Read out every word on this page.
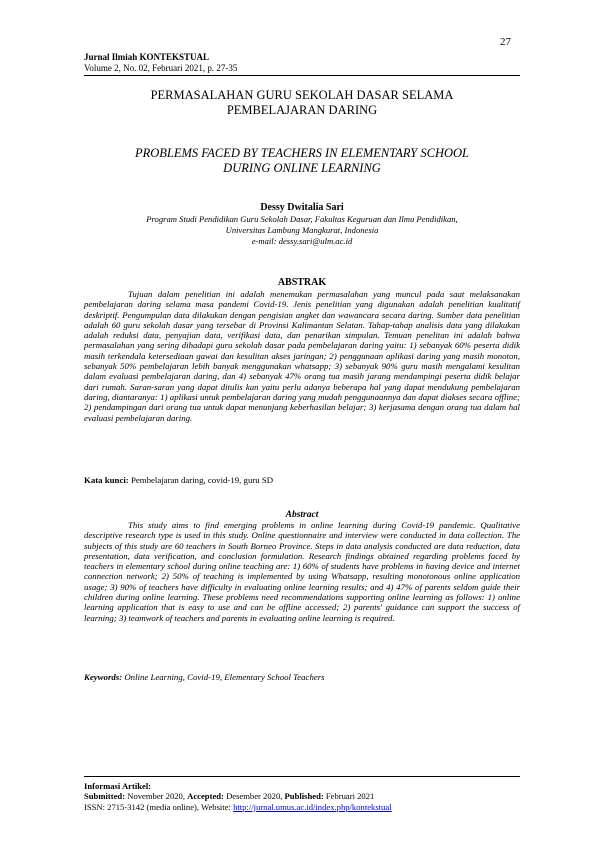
27
Jurnal Ilmiah KONTEKSTUAL
Volume 2, No. 02, Februari 2021, p. 27-35
PERMASALAHAN GURU SEKOLAH DASAR SELAMA
PEMBELAJARAN DARING
PROBLEMS FACED BY TEACHERS IN ELEMENTARY SCHOOL
DURING ONLINE LEARNING
Dessy Dwitalia Sari
Program Studi Pendidikan Guru Sekolah Dasar, Fakultas Keguruan dan Ilmu Pendidikan,
Universitas Lambung Mangkurat, Indonesia
e-mail: dessy.sari@ulm.ac.id
ABSTRAK
Tujuan dalam penelitian ini adalah menemukan permasalahan yang muncul pada saat melaksanakan pembelajaran daring selama masa pandemi Covid-19. Jenis penelitian yang digunakan adalah penelitian kualitatif deskriptif. Pengumpulan data dilakukan dengan pengisian angket dan wawancara secara daring. Sumber data penelitian adalah 60 guru sekolah dasar yang tersebar di Provinsi Kalimantan Selatan. Tahap-tahap analisis data yang dilakukan adalah reduksi data, penyajian data, verifikasi data, dan penarikan simpulan. Temuan penelitan ini adalah bahwa permasalahan yang sering dihadapi guru sekolah dasar pada pembelajaran daring yaitu: 1) sebanyak 60% peserta didik masih terkendala ketersediaan gawai dan kesulitan akses jaringan; 2) penggunaan aplikasi daring yang masih monoton, sebanyak 50% pembelajaran lebih banyak menggunakan whatsapp; 3) sebanyak 90% guru masih mengalami kesulitan dalam evaluasi pembelajaran daring, dan 4) sebanyak 47% orang tua masih jarang mendampingi peserta didik belajar dari rumah. Saran-saran yang dapat ditulis kan yaitu perlu adanya beberapa hal yang dapat mendukung pembelajaran daring, diantaranya: 1) aplikasi untuk pembelajaran daring yang mudah penggunaannya dan dapat diakses secara offline; 2) pendampingan dari orang tua untuk dapat menunjang keberhasilan belajar; 3) kerjasama dengan orang tua dalam hal evaluasi pembelajaran daring.
Kata kunci: Pembelajaran daring, covid-19, guru SD
Abstract
This study aims to find emerging problems in online learning during Covid-19 pandemic. Qualitative descriptive research type is used in this study. Online questionnaire and interview were conducted in data collection. The subjects of this study are 60 teachers in South Borneo Province. Steps in data analysis conducted are data reduction, data presentation, data verification, and conclusion formulation. Research findings obtained regarding problems faced by teachers in elementary school during online teaching are: 1) 60% of students have problems in having device and internet connection network; 2) 50% of teaching is implemented by using Whatsapp, resulting monotonous online application usage; 3) 90% of teachers have difficulty in evaluating online learning results; and 4) 47% of parents seldom guide their children during online learning. These problems need recommendations supporting online learning as follows: 1) online learning application that is easy to use and can be offline accessed; 2) parents' guidance can support the success of learning; 3) teamwork of teachers and parents in evaluating online learning is required.
Keywords: Online Learning, Covid-19, Elementary School Teachers
Informasi Artikel:
Submitted: November 2020, Accepted: Desember 2020, Published: Februari 2021
ISSN: 2715-3142 (media online), Website: http://jurnal.umus.ac.id/index.php/kontekstual
